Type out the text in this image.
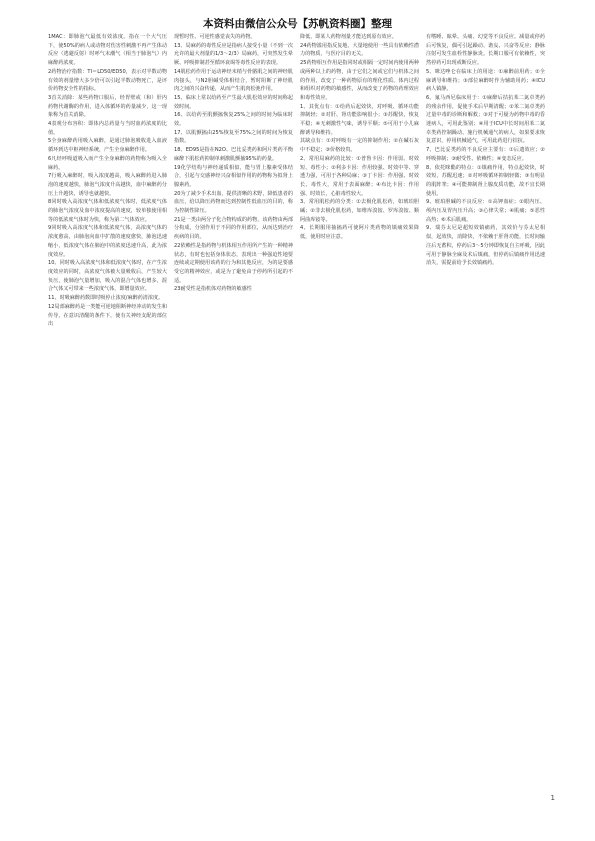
本资料由微信公众号【苏帆资料圈】整理

1MAC：即肺泡气最低有效浓度。指在一个大气压下，使50%的病人或动物对伤害性刺激不再产生体动反应（逃避反射）时呼气末潮气（相当于肺泡气）内麻醉药浓度。

2药物治疗指数：TI＝LD50/ED50，表示对半数动物有效的剂量增大多少倍可以引起半数动物死亡，是评价药物安全性的指标。

3首关消除：某些药物口服后，经胃壁或（和）肝内药物代谢酶的作用，进入体循环的药量减少，这一现象称为首关消除。

4表观分布容积：即体内总药量与当时血药浓度的比值。

5全身麻醉药用吸入麻醉，是通过肺泡吸收进入血液循环到达中枢神经系统，产生全身麻醉作用。

6凡经呼吸道吸入而产生全身麻醉的药物称为吸入全麻药。

7行吸入麻醉时，吸入浓度越高，吸入麻醉药进入肺泡的速度越快，肺泡气浓度升高越快，血中麻醉药分压上升越快，诱导也就越快。

8同时吸入高浓度气体和低浓度气体时，低浓度气体的肺泡气浓度及血中浓度提高的速度，较单独使用相等的低浓度气体时为快，称为第二气体效应。

9同时吸入高浓度气体和低浓度气体，高浓度气体的浓度愈高，由肺泡向血中扩散的速度愈快，肺泡迅速缩小，低浓度气体在肺泡中的浓度迅速升高，此为浓度效应。

10、同时吸入高浓度气体和低浓度气体时，在产生浓度效应的同时，高浓度气体被大量吸收后，产生较大负压，使肺泡气量增加，吸入的混合气体也增多，混合气体又可带来一些浓度气体，即增量效应。

11、时吸麻醉药数即时吸停止浓度/麻醉药清浓度。

12局部麻醉药是一类能可逆地阻断神经冲动的发生和传导，在意识清醒的条件下，使有关神经支配的部位出

现暂时性、可逆性感觉丧失的药物。

13、局麻药的毒性反应是指病人接受小量（不到一次允许的最大剂量的1/3～2/3）局麻药，可突然发生晕厥、呼吸抑制甚至循环衰竭等毒性反应的表现。

14肌松药作用于运动神经末梢与骨骼肌之间的神经肌肉接头，与N2胆碱受体相结合，暂时阻断了神经肌肉之间的兴奋传递，从而产生肌肉松弛作用。

15、临床上常以给药至产生最大肌松效应的时间称起效时间。

16、以给药至肌颤搐恢复25%之间的时间为临床时效。

17、以肌颤搐由25%恢复至75%之间的时间为恢复指数。

18、ED95是指在N2O、巴比妥类药和阿片类药平衡麻醉下肌松药抑制单刺激肌颤搐95%的药量。

19化学结构与神经递质相似，能与胃上腺素受体结合，引起与交感神经兴奋相似作用的药物称为拟肾上腺素药。

20为了减少手术出血，提供清晰的术野，降低患者的血压，给以降压药物而达到控制性低血压的目的，称为控制性降压。

21是一类由两分子化合物构成的药物，该药物由两部分构成，分别作用于不同的作用部位，从而达到治疗疾病的目的。

22依赖性是指药物与机体相互作用所产生的一种精神状态，有时也包括身体状态，表现出一种强迫性地要连续或定期使用该药的行为和其他反应，为的是要感受它的精神效应，或是为了避免由于停药所引起的不适。

23耐受性是指机体对药物的敏感性

降低，即某人药物剂量才能达到原有效应。

24药物滥用指反复地、大量地使用一些具有依赖性潜力的物质，与医疗目的无关。

25药物相互作用是指同时或相隔一定时间内使用两种或两种以上的药物，由于它们之间或它们与机体之间的作用，改变了一种药物原有的理化性质、体内过程和组织对药物的敏感性，从而改变了药物的药理效应和毒性效应。

1、其优点有：①给药后起效快，对呼吸、循环功能抑制轻；②对肝、肾功能影响很小；③苏醒快，恢复平稳；④无刺激性气味，诱导平顺；⑤可用于小儿麻醉诱导和维持。

其缺点有：①对呼吸有一定的抑制作用；②在碱石灰中不稳定；③价格较贵。

2、常用局麻药的比较：①普鲁卡因：作用弱、时效短、毒性小；②利多卡因：作用较强、时效中等、穿透力强，可用于各种局麻；③丁卡因：作用强、时效长、毒性大，常用于表面麻醉；④布比卡因：作用强、时效长，心脏毒性较大。

3、常用肌松药的分类：①去极化肌松药，如琥珀胆碱；②非去极化肌松药，如维库溴铵、罗库溴铵、顺阿曲库铵等。

4、长期服用抽搐药可使阿片类药物的镇痛效果降低，使用时应注意。

有嗜睡、眩晕、头痛、幻觉等不良反应。减量或停药后可恢复，偶可引起躁动、谵妄、兴奋等反应；静脉注射可发生血栓性静脉炎。长期口服可有依赖性，突然停药可出现戒断反应。

5、咪达唑仑在临床上的用途：①麻醉前用药；②全麻诱导和维持；③部位麻醉时作为辅助用药；④ICU病人镇静。

6、氟马西尼临床用于：①麻醉后拮抗苯二氮卓类药的残余作用，促使手术后早期清醒；②苯二氮卓类药过量中毒的诊断和解救；③对于可疑为药物中毒的昏迷病人，可用此鉴别；④用于ICU中长时间用苯二氮卓类药控制躁动、施行机械通气的病人，如果要求恢复意识，停用机械通气，可用此药进行拮抗。

7、巴比妥类药的不良反应主要有：①后遗效应；②呼吸抑制；③耐受性、依赖性；④变态反应。

8、依托咪酯的特点：①镇痛作用，特点起效快，时效短，苏醒迅速；②对呼吸循环抑制轻微；③有明显的肌阵挛；④可能抑制肾上腺皮质功能，故不宜长期使用。

9、琥珀胆碱的不良反应：①高钾血症；②眼内压、颅内压及胃内压升高；③心律失常；④肌痛；⑤恶性高热；⑥术后肌痛。

9、瑞芬太尼是超短效镇痛药，其效价与芬太尼相似，起效快，消除快，不依赖于肝肾功能，长时间输注后无蓄积，停药后3～5分钟即恢复自主呼吸，因此可用于静脉全麻及术后镇痛，但停药后镇痛作用迅速消失，需提前给予长效镇痛药。

1
